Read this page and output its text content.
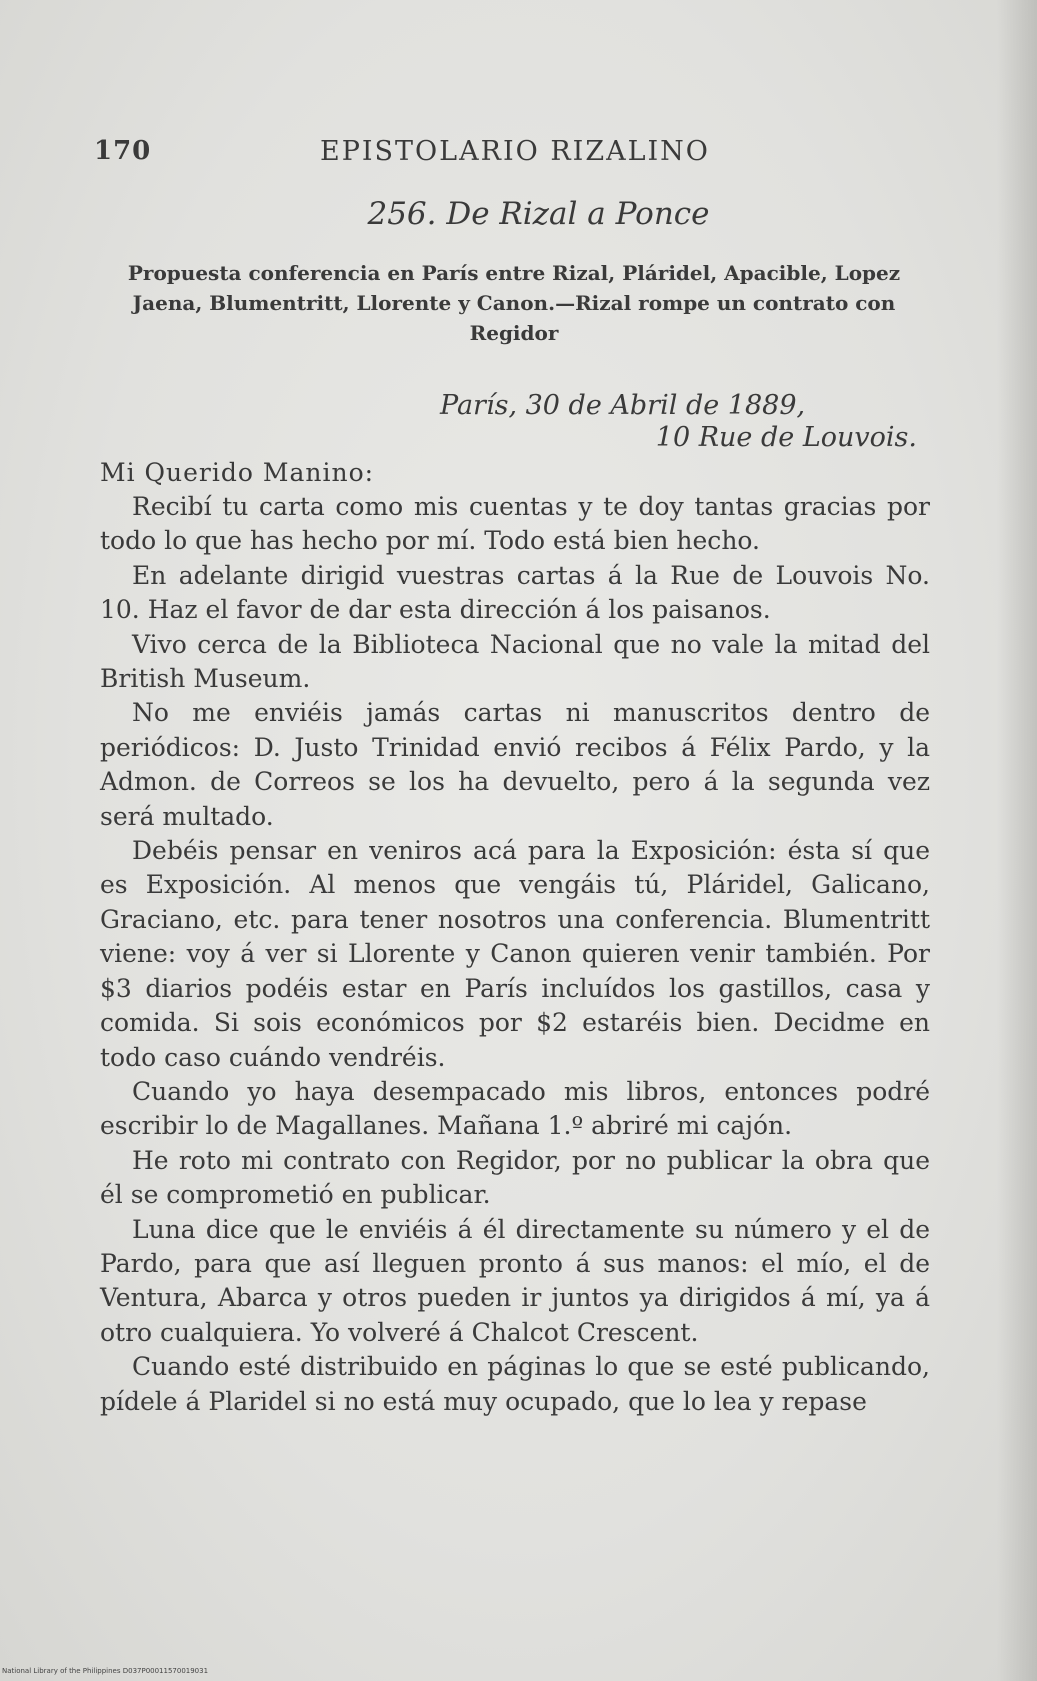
170	EPISTOLARIO RIZALINO
256. De Rizal a Ponce
Propuesta conferencia en París entre Rizal, Pláridel, Apacible, Lopez Jaena, Blumentritt, Llorente y Canon.—Rizal rompe un contrato con Regidor
París, 30 de Abril de 1889,
10 Rue de Louvois.
Mi Querido Manino:

Recibí tu carta como mis cuentas y te doy tantas gracias por todo lo que has hecho por mí. Todo está bien hecho.

En adelante dirigid vuestras cartas á la Rue de Louvois No. 10. Haz el favor de dar esta dirección á los paisanos.

Vivo cerca de la Biblioteca Nacional que no vale la mitad del British Museum.

No me enviéis jamás cartas ni manuscritos dentro de periódicos: D. Justo Trinidad envió recibos á Félix Pardo, y la Admon. de Correos se los ha devuelto, pero á la segunda vez será multado.

Debéis pensar en veniros acá para la Exposición: ésta sí que es Exposición. Al menos que vengáis tú, Pláridel, Galicano, Graciano, etc. para tener nosotros una conferencia. Blumentritt viene: voy á ver si Llorente y Canon quieren venir también. Por $3 diarios podéis estar en París incluídos los gastillos, casa y comida. Si sois económicos por $2 estaréis bien. Decidme en todo caso cuándo vendréis.

Cuando yo haya desempacado mis libros, entonces podré escribir lo de Magallanes. Mañana 1.º abriré mi cajón.

He roto mi contrato con Regidor, por no publicar la obra que él se comprometió en publicar.

Luna dice que le enviéis á él directamente su número y el de Pardo, para que así lleguen pronto á sus manos: el mío, el de Ventura, Abarca y otros pueden ir juntos ya dirigidos á mí, ya á otro cualquiera. Yo volveré á Chalcot Crescent.

Cuando esté distribuido en páginas lo que se esté publicando, pídele á Plaridel si no está muy ocupado, que lo lea y repase

National Library of the Philippines D037P00011570019031
